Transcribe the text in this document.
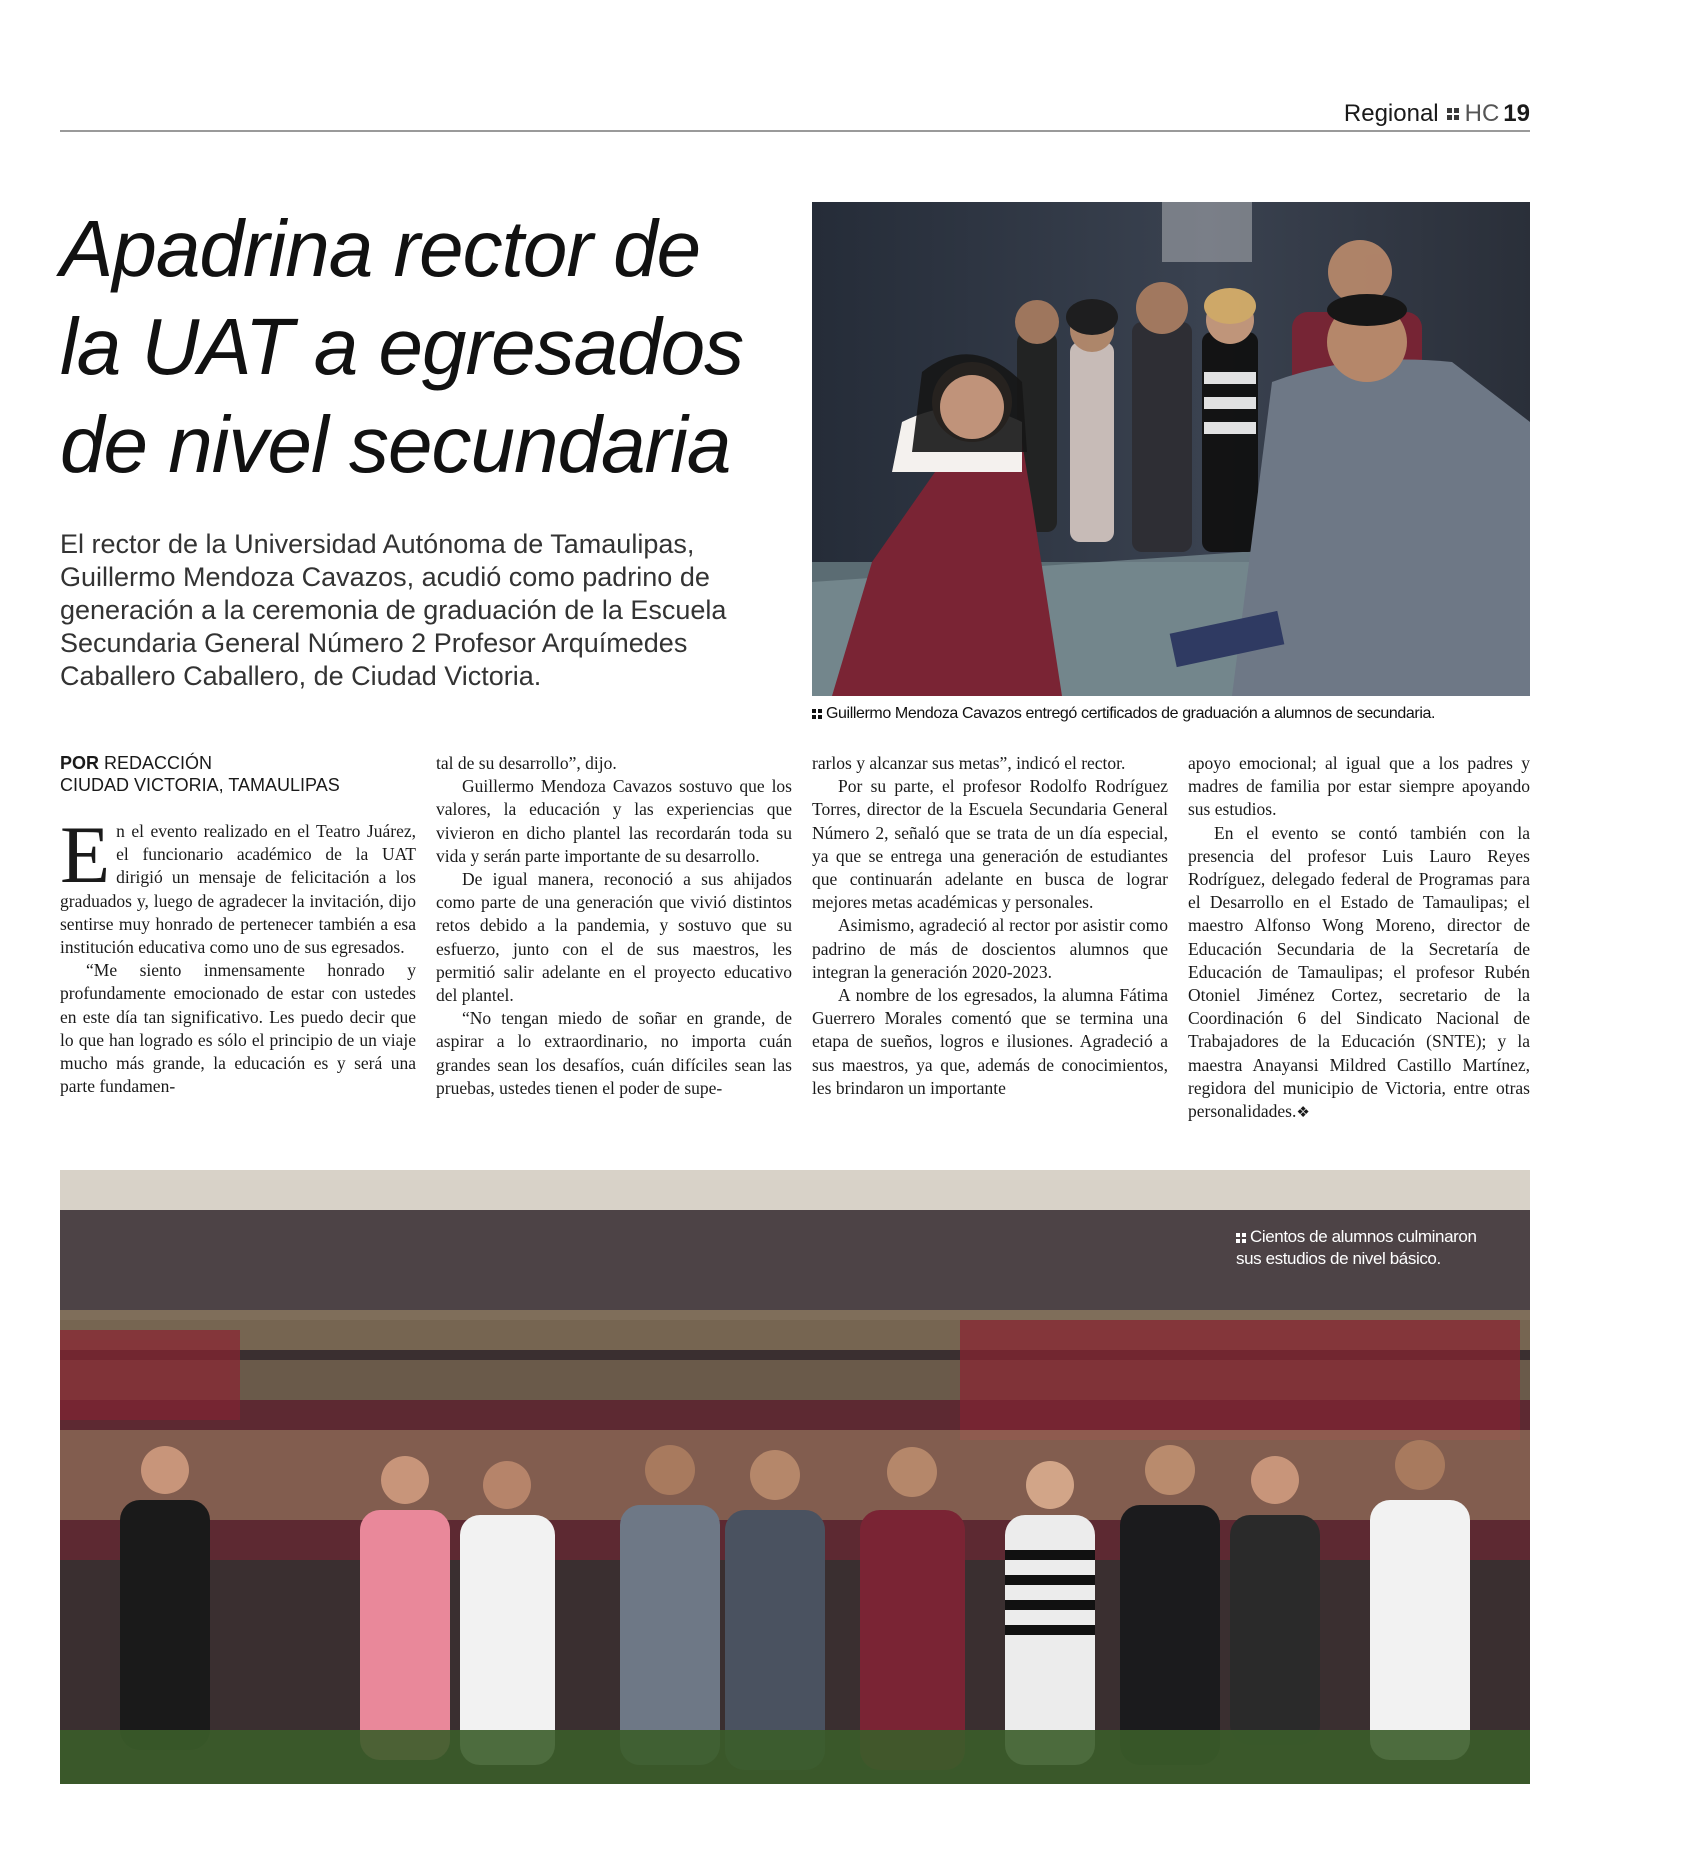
Regional HC 19
Apadrina rector de
la UAT a egresados
de nivel secundaria

El rector de la Universidad Autónoma de Tamaulipas, Guillermo Mendoza Cavazos, acudió como padrino de generación a la ceremonia de graduación de la Escuela Secundaria General Número 2 Profesor Arquímedes Caballero Caballero, de Ciudad Victoria.

Guillermo Mendoza Cavazos entregó certificados de graduación a alumnos de secundaria.
POR REDACCIÓN
CIUDAD VICTORIA, TAMAULIPAS

En el evento realizado en el Teatro Juárez, el funcionario académico de la UAT dirigió un mensaje de felicitación a los graduados y, luego de agradecer la invitación, dijo sentirse muy honrado de pertenecer también a esa institución educativa como uno de sus egresados.

“Me siento inmensamente honrado y profundamente emocionado de estar con ustedes en este día tan significativo. Les puedo decir que lo que han logrado es sólo el principio de un viaje mucho más grande, la educación es y será una parte fundamen-

tal de su desarrollo”, dijo.

Guillermo Mendoza Cavazos sostuvo que los valores, la educación y las experiencias que vivieron en dicho plantel las recordarán toda su vida y serán parte importante de su desarrollo.

De igual manera, reconoció a sus ahijados como parte de una generación que vivió distintos retos debido a la pandemia, y sostuvo que su esfuerzo, junto con el de sus maestros, les permitió salir adelante en el proyecto educativo del plantel.

“No tengan miedo de soñar en grande, de aspirar a lo extraordinario, no importa cuán grandes sean los desafíos, cuán difíciles sean las pruebas, ustedes tienen el poder de supe-

rarlos y alcanzar sus metas”, indicó el rector.

Por su parte, el profesor Rodolfo Rodríguez Torres, director de la Escuela Secundaria General Número 2, señaló que se trata de un día especial, ya que se entrega una generación de estudiantes que continuarán adelante en busca de lograr mejores metas académicas y personales.

Asimismo, agradeció al rector por asistir como padrino de más de doscientos alumnos que integran la generación 2020-2023.

A nombre de los egresados, la alumna Fátima Guerrero Morales comentó que se termina una etapa de sueños, logros e ilusiones. Agradeció a sus maestros, ya que, además de conocimientos, les brindaron un importante

apoyo emocional; al igual que a los padres y madres de familia por estar siempre apoyando sus estudios.

En el evento se contó también con la presencia del profesor Luis Lauro Reyes Rodríguez, delegado federal de Programas para el Desarrollo en el Estado de Tamaulipas; el maestro Alfonso Wong Moreno, director de Educación Secundaria de la Secretaría de Educación de Tamaulipas; el profesor Rubén Otoniel Jiménez Cortez, secretario de la Coordinación 6 del Sindicato Nacional de Trabajadores de la Educación (SNTE); y la maestra Anayansi Mildred Castillo Martínez, regidora del municipio de Victoria, entre otras personalidades.❖

Cientos de alumnos culminaron sus estudios de nivel básico.
